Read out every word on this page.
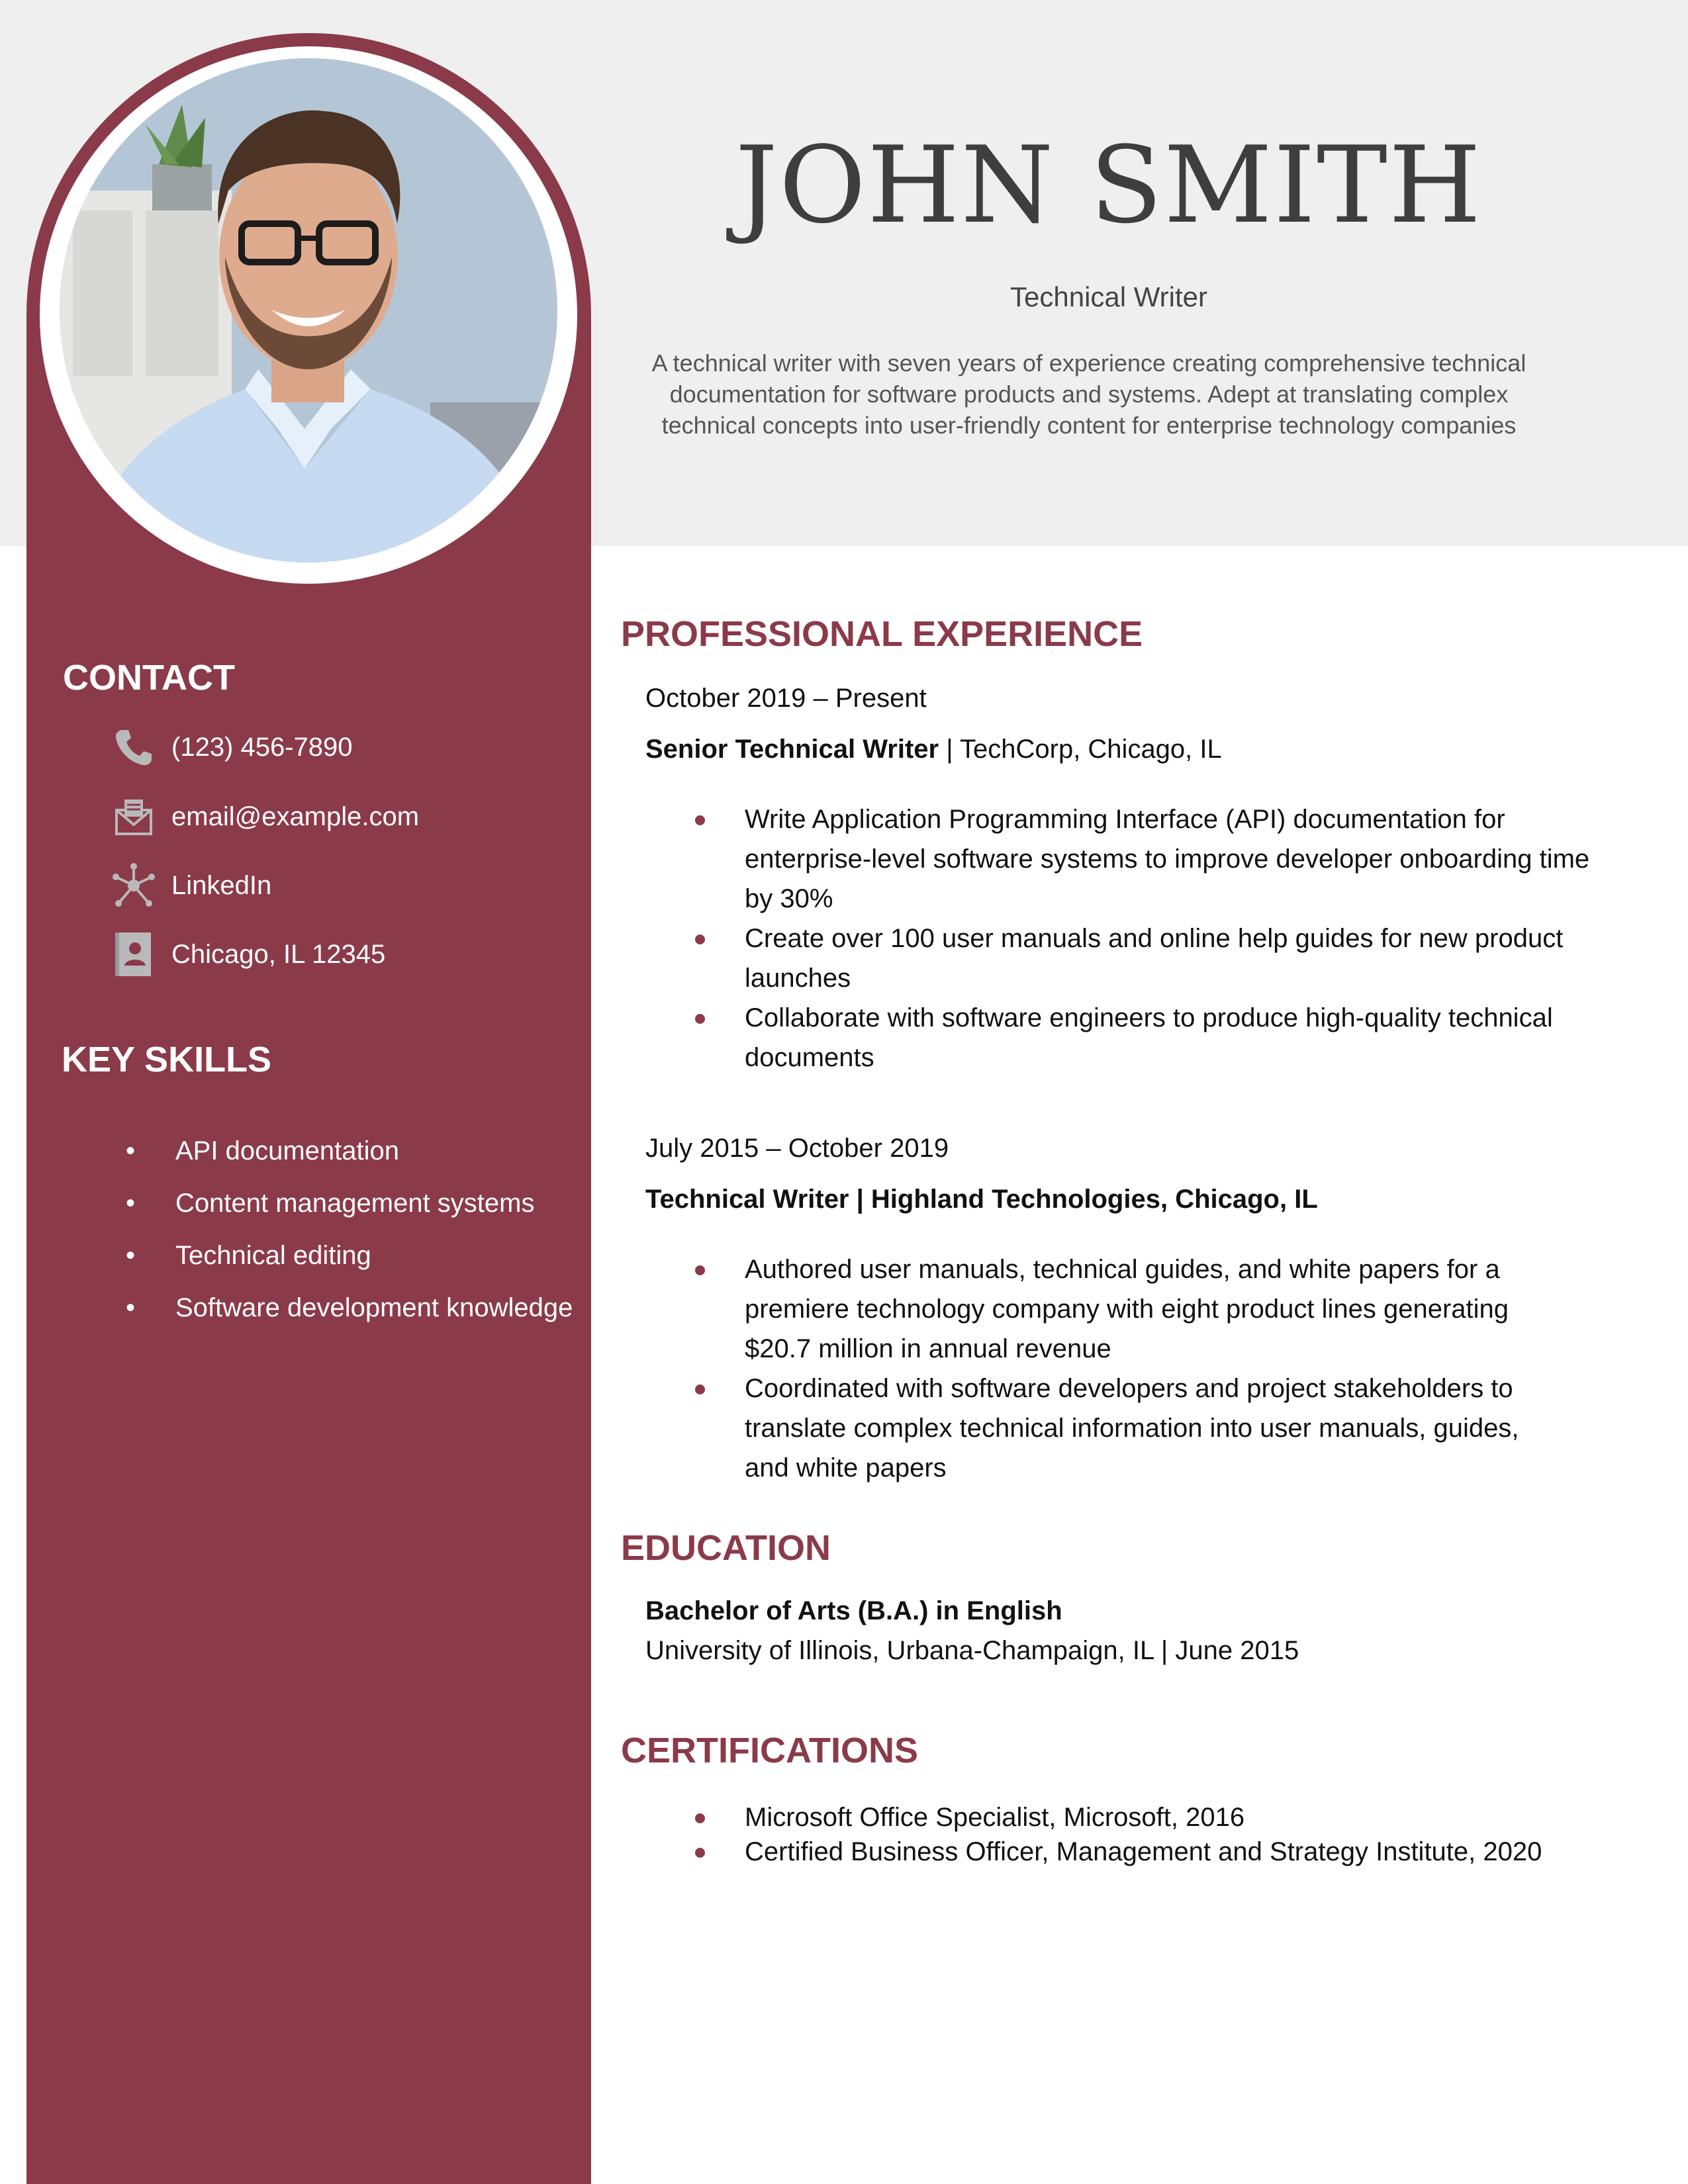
JOHN SMITH
Technical Writer
A technical writer with seven years of experience creating comprehensive technical documentation for software products and systems. Adept at translating complex technical concepts into user-friendly content for enterprise technology companies
CONTACT
(123) 456-7890
email@example.com
LinkedIn
Chicago, IL 12345
KEY SKILLS
• API documentation
• Content management systems
• Technical editing
• Software development knowledge
PROFESSIONAL EXPERIENCE
October 2019 – Present
Senior Technical Writer | TechCorp, Chicago, IL
Write Application Programming Interface (API) documentation for enterprise-level software systems to improve developer onboarding time by 30%
Create over 100 user manuals and online help guides for new product launches
Collaborate with software engineers to produce high-quality technical documents
July 2015 – October 2019
Technical Writer | Highland Technologies, Chicago, IL
Authored user manuals, technical guides, and white papers for a premiere technology company with eight product lines generating $20.7 million in annual revenue
Coordinated with software developers and project stakeholders to translate complex technical information into user manuals, guides, and white papers
EDUCATION
Bachelor of Arts (B.A.) in English
University of Illinois, Urbana-Champaign, IL | June 2015
CERTIFICATIONS
Microsoft Office Specialist, Microsoft, 2016
Certified Business Officer, Management and Strategy Institute, 2020
